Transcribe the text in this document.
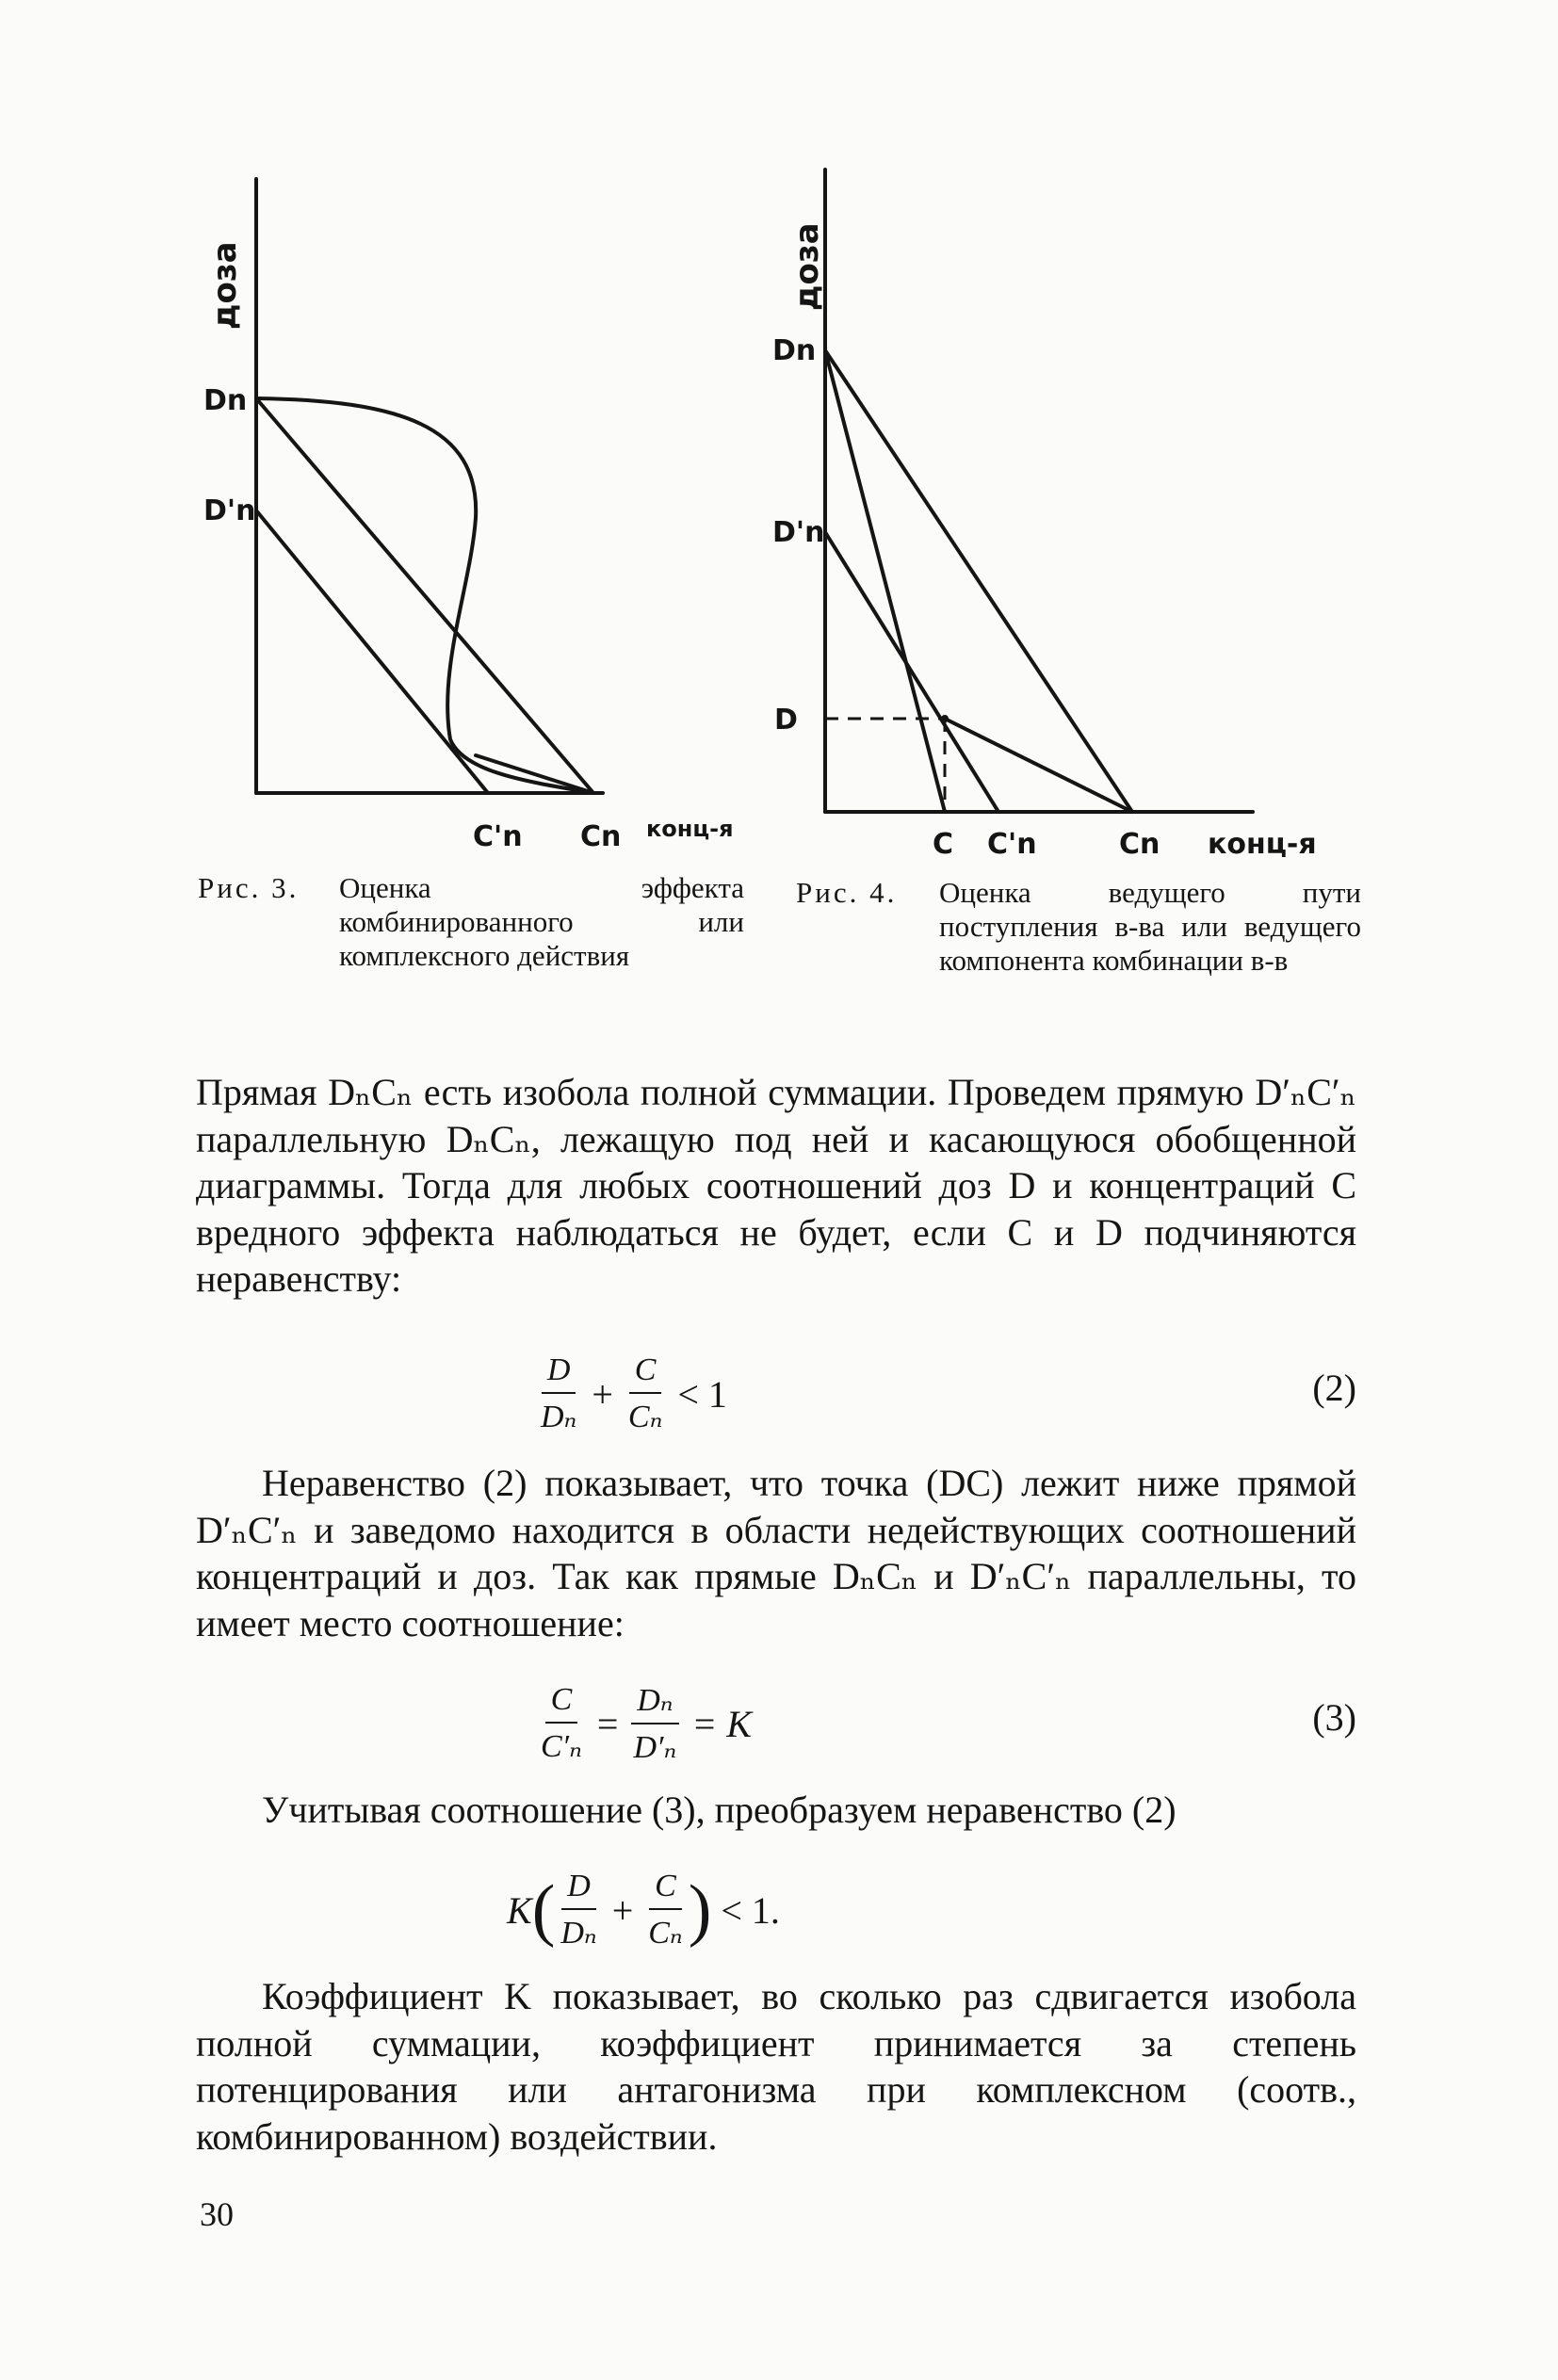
доза
Dn
D'n
C'n Cn конц-я
доза
Dn
D'n
D
C C'n	Cn конц-я
Рис. 3. Оценка эффекта комбинированного или комплексного действия
Рис. 4. Оценка ведущего пути поступления в-ва или ведущего компонента комбинации в-в
Прямая DₙCₙ есть изобола полной суммации. Проведем прямую D′ₙC′ₙ параллельную DₙCₙ, лежащую под ней и касающуюся обобщенной диаграммы. Тогда для любых соотношений доз D и концентраций C вредного эффекта наблюдаться не будет, если C и D подчиняются неравенству:
$\frac{D}{\text{Dₙ}} + \frac{C}{\text{Cₙ}} < 1$	(2)
Неравенство (2) показывает, что точка (DC) лежит ниже прямой D′ₙC′ₙ и заведомо находится в области недействующих соотношений концентраций и доз. Так как прямые DₙCₙ и D′ₙC′ₙ параллельны, то имеет место соотношение:
$\frac{C}{\text{C′ₙ}} = \frac{\text{Dₙ}}{\text{D′ₙ}} = K$	(3)
Учитывая соотношение (3), преобразуем неравенство (2)
K ( $\frac{D}{\text{Dₙ}} + \frac{C}{\text{Cₙ}}$ ) < 1.
Коэффициент K показывает, во сколько раз сдвигается изобола полной суммации, коэффициент принимается за степень потенцирования или антагонизма при комплексном (соотв., комбинированном) воздействии.
30
